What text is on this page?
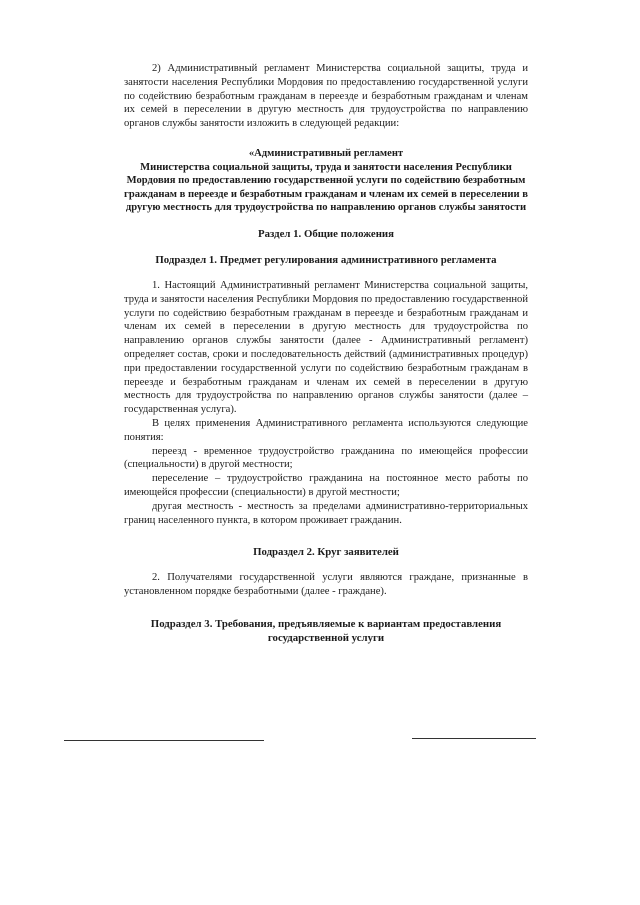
2) Административный регламент Министерства социальной защиты, труда и занятости населения Республики Мордовия по предоставлению государственной услуги по содействию безработным гражданам в переезде и безработным гражданам и членам их семей в переселении в другую местность для трудоустройства по направлению органов службы занятости изложить в следующей редакции:

«Административный регламент
Министерства социальной защиты, труда и занятости населения Республики Мордовия по предоставлению государственной услуги по содействию безработным гражданам в переезде и безработным гражданам и членам их семей в переселении в другую местность для трудоустройства по направлению органов службы занятости
Раздел 1. Общие положения
Подраздел 1. Предмет регулирования административного регламента

1. Настоящий Административный регламент Министерства социальной защиты, труда и занятости населения Республики Мордовия по предоставлению государственной услуги по содействию безработным гражданам в переезде и безработным гражданам и членам их семей в переселении в другую местность для трудоустройства по направлению органов службы занятости (далее - Административный регламент) определяет состав, сроки и последовательность действий (административных процедур) при предоставлении государственной услуги по содействию безработным гражданам в переезде и безработным гражданам и членам их семей в переселении в другую местность для трудоустройства по направлению органов службы занятости (далее – государственная услуга).

В целях применения Административного регламента используются следующие понятия:

переезд - временное трудоустройство гражданина по имеющейся профессии (специальности) в другой местности;

переселение – трудоустройство гражданина на постоянное место работы по имеющейся профессии (специальности) в другой местности;

другая местность - местность за пределами административно-территориальных границ населенного пункта, в котором проживает гражданин.

Подраздел 2. Круг заявителей

2. Получателями государственной услуги являются граждане, признанные в установленном порядке безработными (далее - граждане).

Подраздел 3. Требования, предъявляемые к вариантам предоставления государственной услуги
